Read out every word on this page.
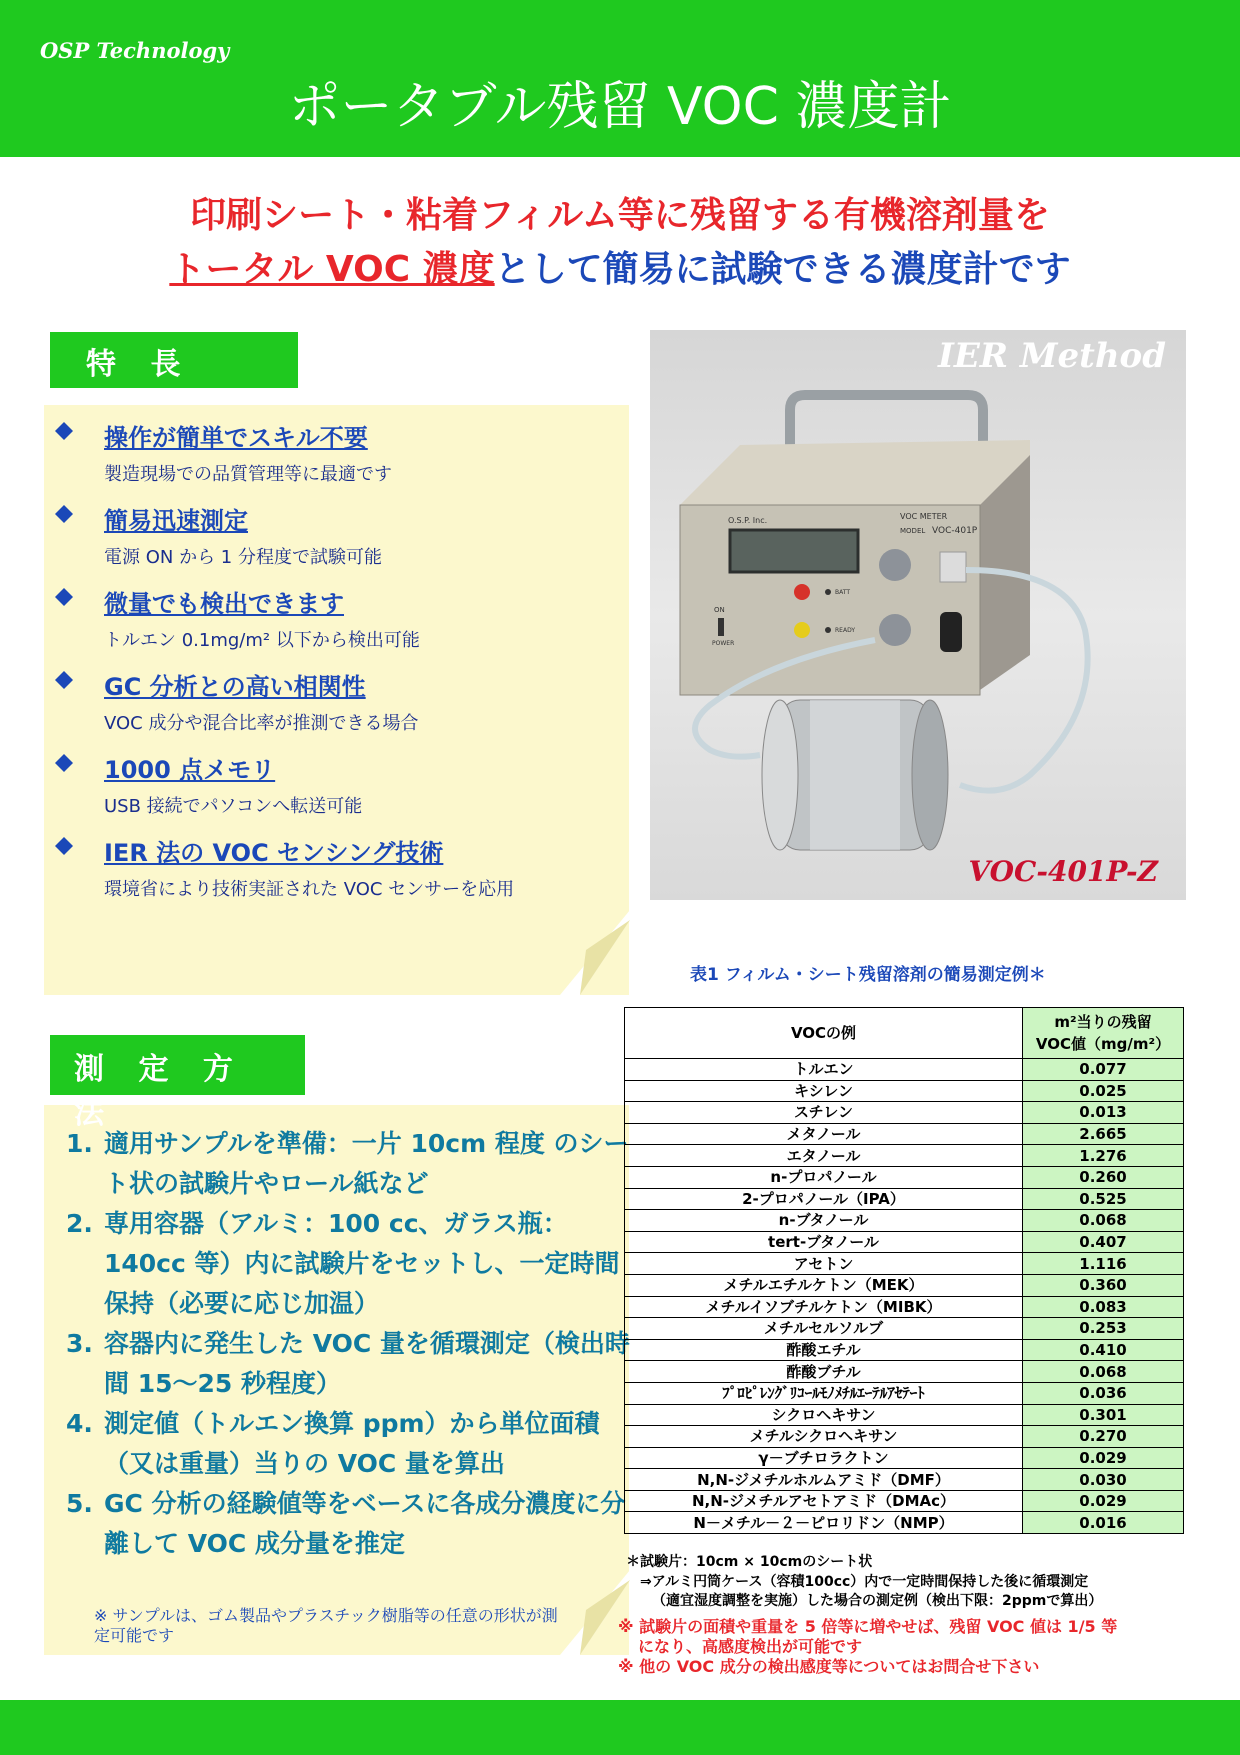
OSP Technology
ポータブル残留 VOC 濃度計
印刷シート・粘着フィルム等に残留する有機溶剤量を
トータル VOC 濃度として簡易に試験できる濃度計です
特 長
操作が簡単でスキル不要
製造現場での品質管理等に最適です
簡易迅速測定
電源 ON から 1 分程度で試験可能
微量でも検出できます
トルエン 0.1mg/m² 以下から検出可能
GC 分析との高い相関性
VOC 成分や混合比率が推測できる場合
1000 点メモリ
USB 接続でパソコンへ転送可能
IER 法の VOC センシング技術
環境省により技術実証された VOC センサーを応用
測 定 方 法
1. 適用サンプルを準備：一片 10cm 程度 のシート状の試験片やロール紙など
2. 専用容器（アルミ：100 cc、ガラス瓶：140cc 等）内に試験片をセットし、一定時間保持（必要に応じ加温）
3. 容器内に発生した VOC 量を循環測定（検出時間 15〜25 秒程度）
4. 測定値（トルエン換算 ppm）から単位面積（又は重量）当りの VOC 量を算出
5. GC 分析の経験値等をベースに各成分濃度に分離して VOC 成分量を推定
※ サンプルは、ゴム製品やプラスチック樹脂等の任意の形状が測定可能です
O.S.P. Inc.	VOC METER
MODEL VOC-401P
ON
POWER
BATT
READY
IER Method
VOC-401P-Z
表1 フィルム・シート残留溶剤の簡易測定例＊
VOCの例	m²当りの残留
VOC値（mg/m²）
トルエン	0.077
キシレン	0.025
スチレン	0.013
メタノール	2.665
エタノール	1.276
n-プロパノール	0.260
2-プロパノール（IPA）	0.525
n-ブタノール	0.068
tert-ブタノール	0.407
アセトン	1.116
メチルエチルケトン（MEK）	0.360
メチルイソブチルケトン（MIBK）	0.083
メチルセルソルブ	0.253
酢酸エチル	0.410
酢酸ブチル	0.068
ﾌﾟﾛﾋﾟﾚﾝｸﾞﾘｺｰﾙﾓﾉﾒﾁﾙｴｰﾃﾙｱｾﾃｰﾄ	0.036
シクロヘキサン	0.301
メチルシクロヘキサン	0.270
γ－ブチロラクトン	0.029
N,N-ジメチルホルムアミド（DMF）	0.030
N,N-ジメチルアセトアミド（DMAc）	0.029
N－メチル－２－ピロリドン（NMP）	0.016
＊試験片：10cm × 10cmのシート状
⇒アルミ円筒ケース（容積100cc）内で一定時間保持した後に循環測定
（適宜湿度調整を実施）した場合の測定例（検出下限：2ppmで算出）
※ 試験片の面積や重量を 5 倍等に増やせば、残留 VOC 値は 1/5 等
になり、高感度検出が可能です
※ 他の VOC 成分の検出感度等についてはお問合せ下さい
